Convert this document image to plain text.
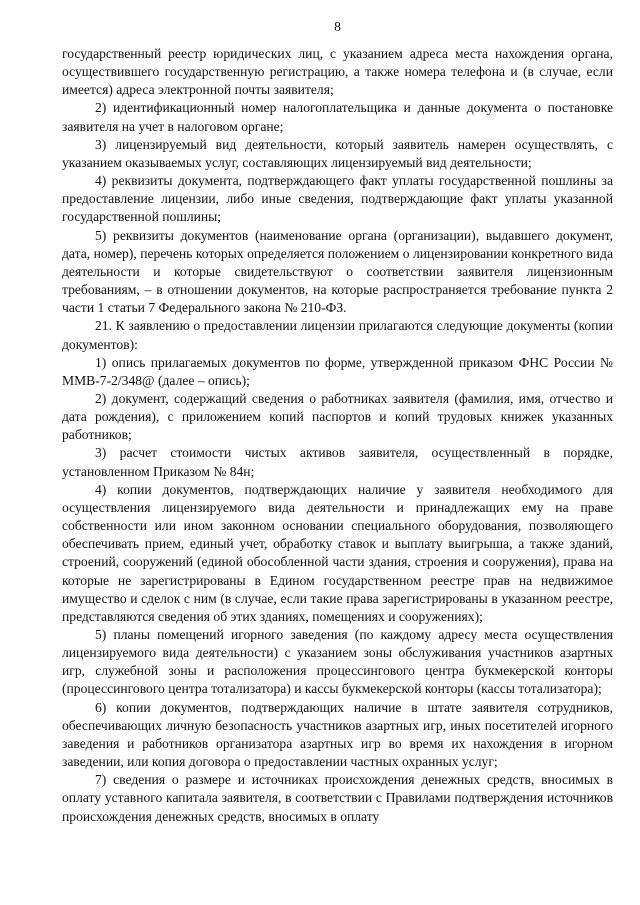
8

государственный реестр юридических лиц, с указанием адреса места нахождения органа, осуществившего государственную регистрацию, а также номера телефона и (в случае, если имеется) адреса электронной почты заявителя;

2) идентификационный номер налогоплательщика и данные документа о постановке заявителя на учет в налоговом органе;

3) лицензируемый вид деятельности, который заявитель намерен осуществлять, с указанием оказываемых услуг, составляющих лицензируемый вид деятельности;

4) реквизиты документа, подтверждающего факт уплаты государственной пошлины за предоставление лицензии, либо иные сведения, подтверждающие факт уплаты указанной государственной пошлины;

5) реквизиты документов (наименование органа (организации), выдавшего документ, дата, номер), перечень которых определяется положением о лицензировании конкретного вида деятельности и которые свидетельствуют о соответствии заявителя лицензионным требованиям, – в отношении документов, на которые распространяется требование пункта 2 части 1 статьи 7 Федерального закона № 210-ФЗ.

21. К заявлению о предоставлении лицензии прилагаются следующие документы (копии документов):

1) опись прилагаемых документов по форме, утвержденной приказом ФНС России № ММВ-7-2/348@ (далее – опись);

2) документ, содержащий сведения о работниках заявителя (фамилия, имя, отчество и дата рождения), с приложением копий паспортов и копий трудовых книжек указанных работников;

3) расчет стоимости чистых активов заявителя, осуществленный в порядке, установленном Приказом № 84н;

4) копии документов, подтверждающих наличие у заявителя необходимого для осуществления лицензируемого вида деятельности и принадлежащих ему на праве собственности или ином законном основании специального оборудования, позволяющего обеспечивать прием, единый учет, обработку ставок и выплату выигрыша, а также зданий, строений, сооружений (единой обособленной части здания, строения и сооружения), права на которые не зарегистрированы в Едином государственном реестре прав на недвижимое имущество и сделок с ним (в случае, если такие права зарегистрированы в указанном реестре, представляются сведения об этих зданиях, помещениях и сооружениях);

5) планы помещений игорного заведения (по каждому адресу места осуществления лицензируемого вида деятельности) с указанием зоны обслуживания участников азартных игр, служебной зоны и расположения процессингового центра букмекерской конторы (процессингового центра тотализатора) и кассы букмекерской конторы (кассы тотализатора);

6) копии документов, подтверждающих наличие в штате заявителя сотрудников, обеспечивающих личную безопасность участников азартных игр, иных посетителей игорного заведения и работников организатора азартных игр во время их нахождения в игорном заведении, или копия договора о предоставлении частных охранных услуг;

7) сведения о размере и источниках происхождения денежных средств, вносимых в оплату уставного капитала заявителя, в соответствии с Правилами подтверждения источников происхождения денежных средств, вносимых в оплату
